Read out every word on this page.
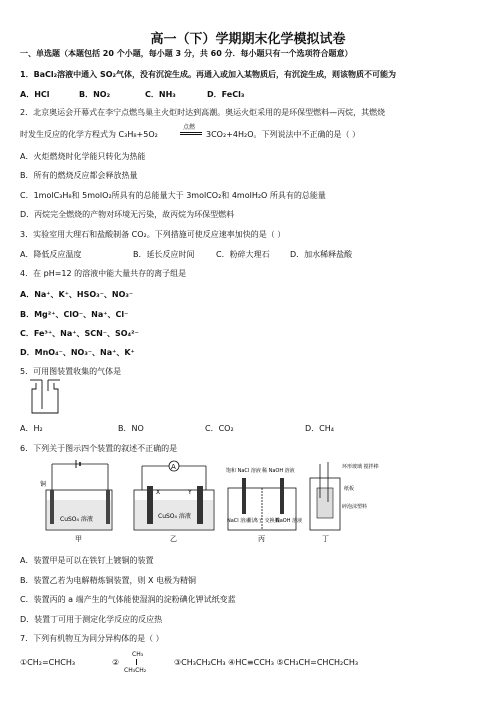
高一（下）学期期末化学模拟试卷
一、单选题（本题包括 20 个小题，每小题 3 分，共 60 分．每小题只有一个选项符合题意）
1．BaCl₂溶液中通入 SO₂气体，没有沉淀生成。再通入或加入某物质后，有沉淀生成，则该物质不可能为
A．HCl	B．NO₂	C．NH₃	D．FeCl₃
2．北京奥运会开幕式在李宁点燃鸟巢主火炬时达到高潮。奥运火炬采用的是环保型燃料—丙烷，其燃烧
时发生反应的化学方程式为 C₃H₈+5O₂
点燃
3CO₂+4H₂O。下列说法中不正确的是（ ）
A．火炬燃烧时化学能只转化为热能
B．所有的燃烧反应都会释放热量
C．1molC₃H₈和 5molO₂所具有的总能量大于 3molCO₂和 4molH₂O 所具有的总能量
D．丙烷完全燃烧的产物对环境无污染，故丙烷为环保型燃料
3．实验室用大理石和盐酸制备 CO₂。下列措施可使反应速率加快的是（ ）
A．降低反应温度	B．延长反应时间	C．粉碎大理石	D．加水稀释盐酸
4．在 pH=12 的溶液中能大量共存的离子组是
A．Na⁺、K⁺、HSO₃⁻、NO₃⁻
B．Mg²⁺、ClO⁻、Na⁺、Cl⁻
C．Fe³⁺、Na⁺、SCN⁻、SO₄²⁻
D．MnO₄⁻、NO₃⁻、Na⁺、K⁺
5．可用图装置收集的气体是
A．H₂	B．NO	C．CO₂	D．CH₄
6．下列关于图示四个装置的叙述不正确的是
铜
CuSO₄ 溶液
甲
A
X	Y
CuSO₄ 溶液
乙
饱和 NaCl 溶液 稀 NaOH 溶液
NaCl 溶液
阳离子 交换膜
NaOH 溶液
丙
环形玻璃 搅拌棒
纸板
碎泡沫塑料
丁
A．装置甲是可以在铁钉上镀铜的装置
B．装置乙若为电解精炼铜装置，则 X 电极为精铜
C．装置丙的 a 端产生的气体能使湿润的淀粉碘化钾试纸变蓝
D．装置丁可用于测定化学反应的反应热
7．下列有机物互为同分异构体的是（ ）
①CH₂=CHCH₃	②
CH₃
CH₃CH₂
③CH₃CH₂CH₃ ④HC≡CCH₃ ⑤CH₃CH=CHCH₂CH₃
